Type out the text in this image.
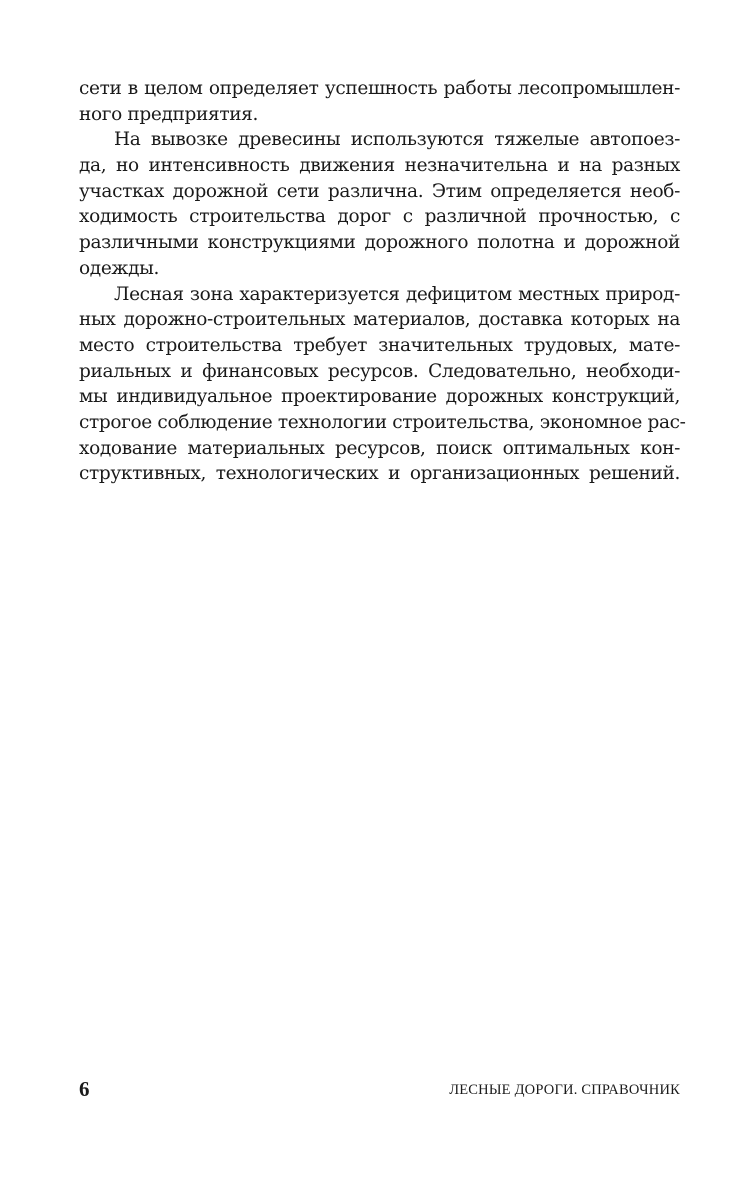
сети в целом определяет успешность работы лесопромышлен-
ного предприятия.
На вывозке древесины используются тяжелые автопоез-
да, но интенсивность движения незначительна и на разных
участках дорожной сети различна. Этим определяется необ-
ходимость строительства дорог с различной прочностью, с
различными конструкциями дорожного полотна и дорожной
одежды.
Лесная зона характеризуется дефицитом местных природ-
ных дорожно-строительных материалов, доставка которых на
место строительства требует значительных трудовых, мате-
риальных и финансовых ресурсов. Следовательно, необходи-
мы индивидуальное проектирование дорожных конструкций,
строгое соблюдение технологии строительства, экономное рас-
ходование материальных ресурсов, поиск оптимальных кон-
структивных, технологических и организационных решений.
6	ЛЕСНЫЕ ДОРОГИ. СПРАВОЧНИК
